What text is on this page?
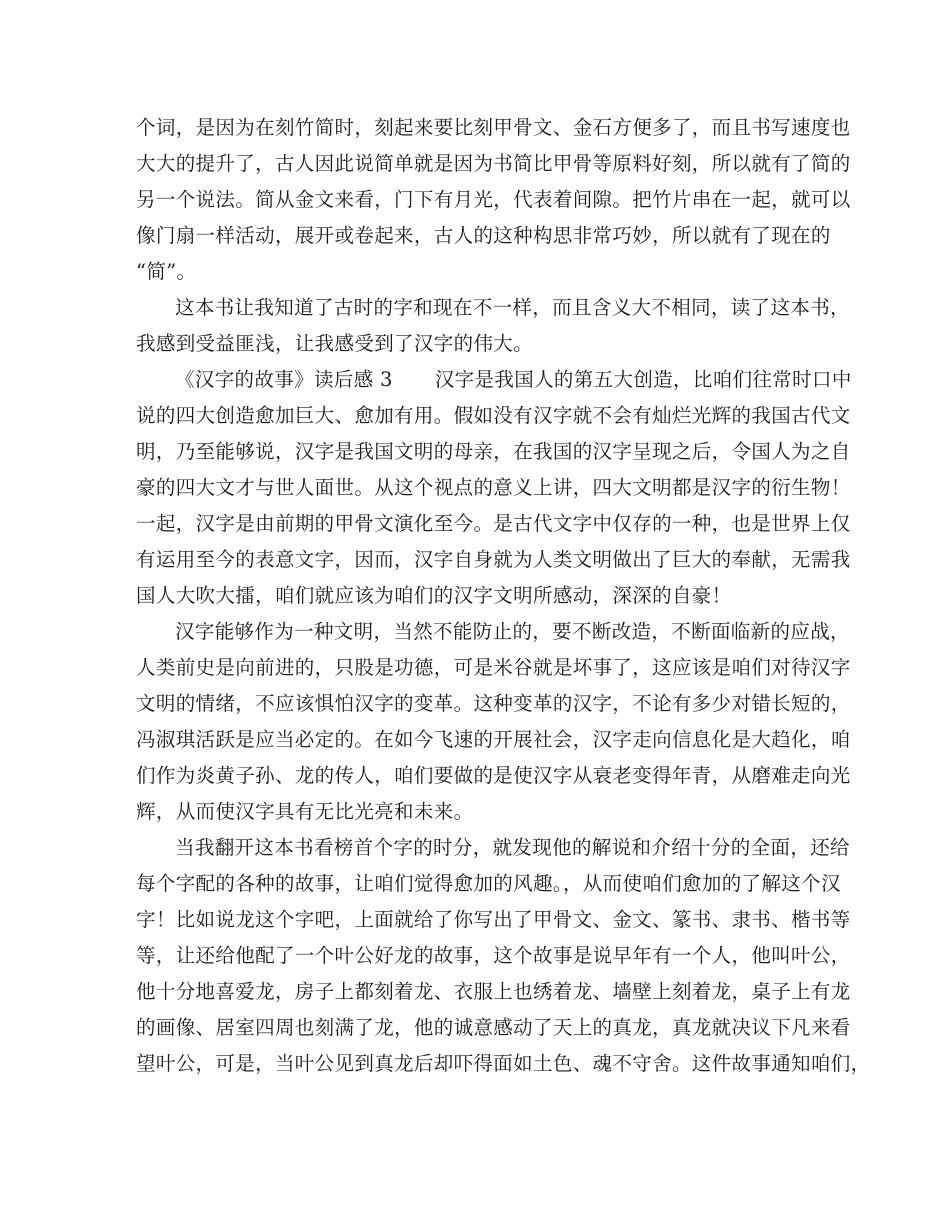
个词，是因为在刻竹简时，刻起来要比刻甲骨文、金石方便多了，而且书写速度也
大大的提升了，古人因此说简单就是因为书简比甲骨等原料好刻，所以就有了简的
另一个说法。简从金文来看，门下有月光，代表着间隙。把竹片串在一起，就可以
像门扇一样活动，展开或卷起来，古人的这种构思非常巧妙，所以就有了现在的
“简”。
这本书让我知道了古时的字和现在不一样，而且含义大不相同，读了这本书，
我感到受益匪浅，让我感受到了汉字的伟大。
《汉字的故事》读后感 3 汉字是我国人的第五大创造，比咱们往常时口中
说的四大创造愈加巨大、愈加有用。假如没有汉字就不会有灿烂光辉的我国古代文
明，乃至能够说，汉字是我国文明的母亲，在我国的汉字呈现之后，令国人为之自
豪的四大文才与世人面世。从这个视点的意义上讲，四大文明都是汉字的衍生物！
一起，汉字是由前期的甲骨文演化至今。是古代文字中仅存的一种，也是世界上仅
有运用至今的表意文字，因而，汉字自身就为人类文明做出了巨大的奉献，无需我
国人大吹大擂，咱们就应该为咱们的汉字文明所感动，深深的自豪！
汉字能够作为一种文明，当然不能防止的，要不断改造，不断面临新的应战，
人类前史是向前进的，只股是功德，可是米谷就是坏事了，这应该是咱们对待汉字
文明的情绪，不应该惧怕汉字的变革。这种变革的汉字，不论有多少对错长短的，
冯淑琪活跃是应当必定的。在如今飞速的开展社会，汉字走向信息化是大趋化，咱
们作为炎黄子孙、龙的传人，咱们要做的是使汉字从衰老变得年青，从磨难走向光
辉，从而使汉字具有无比光亮和未来。
当我翻开这本书看榜首个字的时分，就发现他的解说和介绍十分的全面，还给
每个字配的各种的故事，让咱们觉得愈加的风趣。，从而使咱们愈加的了解这个汉
字！比如说龙这个字吧，上面就给了你写出了甲骨文、金文、篆书、隶书、楷书等
等，让还给他配了一个叶公好龙的故事，这个故事是说早年有一个人，他叫叶公，
他十分地喜爱龙，房子上都刻着龙、衣服上也绣着龙、墙壁上刻着龙，桌子上有龙
的画像、居室四周也刻满了龙，他的诚意感动了天上的真龙，真龙就决议下凡来看
望叶公，可是，当叶公见到真龙后却吓得面如土色、魂不守舍。这件故事通知咱们，
